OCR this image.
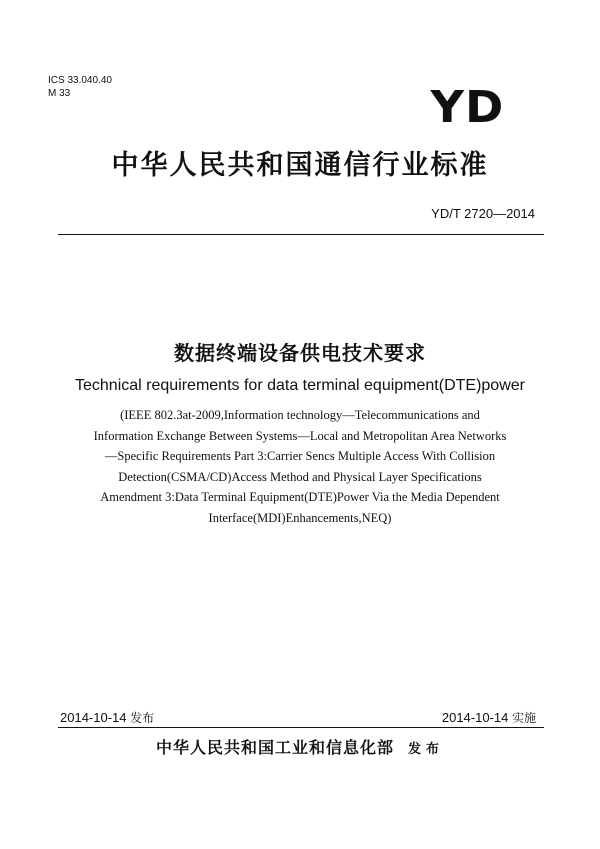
ICS 33.040.40
M 33	YD
中华人民共和国通信行业标准
YD/T 2720—2014
数据终端设备供电技术要求
Technical requirements for data terminal equipment(DTE)power
(IEEE 802.3at-2009,Information technology—Telecommunications and
Information Exchange Between Systems—Local and Metropolitan Area Networks
—Specific Requirements Part 3:Carrier Sencs Multiple Access With Collision
Detection(CSMA/CD)Access Method and Physical Layer Specifications
Amendment 3:Data Terminal Equipment(DTE)Power Via the Media Dependent
Interface(MDI)Enhancements,NEQ)
2014-10-14 发布	2014-10-14 实施
中华人民共和国工业和信息化部 发布
